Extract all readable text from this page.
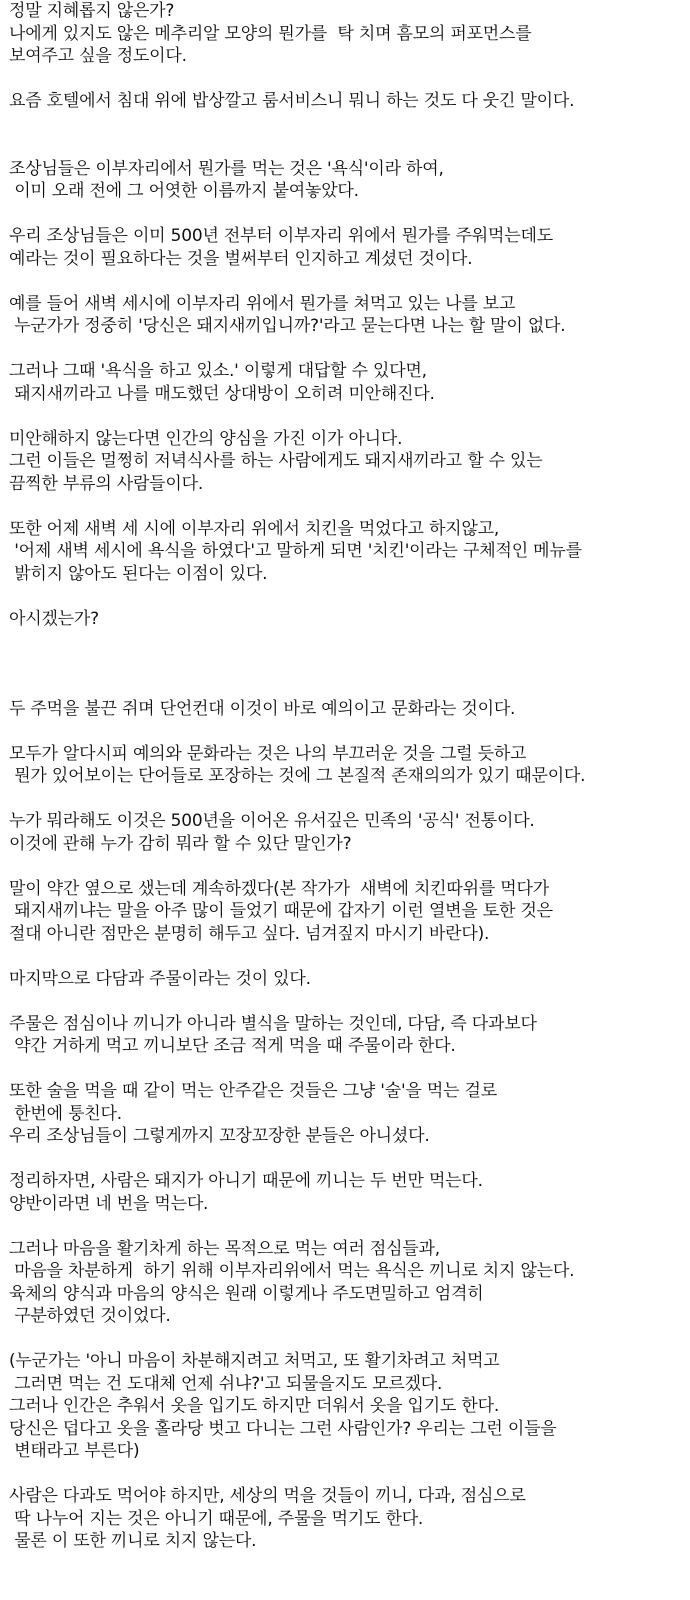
정말 지혜롭지 않은가?
나에게 있지도 않은 메추리알 모양의 뭔가를  탁 치며 흠모의 퍼포먼스를
보여주고 싶을 정도이다.
요즘 호텔에서 침대 위에 밥상깔고 룸서비스니 뭐니 하는 것도 다 웃긴 말이다.
조상님들은 이부자리에서 뭔가를 먹는 것은 '욕식'이라 하여,
이미 오래 전에 그 어엿한 이름까지 붙여놓았다.
우리 조상님들은 이미 500년 전부터 이부자리 위에서 뭔가를 주워먹는데도
예라는 것이 필요하다는 것을 벌써부터 인지하고 계셨던 것이다.
예를 들어 새벽 세시에 이부자리 위에서 뭔가를 쳐먹고 있는 나를 보고
누군가가 정중히 '당신은 돼지새끼입니까?'라고 묻는다면 나는 할 말이 없다.
그러나 그때 '욕식을 하고 있소.' 이렇게 대답할 수 있다면,
돼지새끼라고 나를 매도했던 상대방이 오히려 미안해진다.
미안해하지 않는다면 인간의 양심을 가진 이가 아니다.
그런 이들은 멀쩡히 저녁식사를 하는 사람에게도 돼지새끼라고 할 수 있는
끔찍한 부류의 사람들이다.
또한 어제 새벽 세 시에 이부자리 위에서 치킨을 먹었다고 하지않고,
'어제 새벽 세시에 욕식을 하였다'고 말하게 되면 '치킨'이라는 구체적인 메뉴를
밝히지 않아도 된다는 이점이 있다.
아시겠는가?
두 주먹을 불끈 쥐며 단언컨대 이것이 바로 예의이고 문화라는 것이다.
모두가 알다시피 예의와 문화라는 것은 나의 부끄러운 것을 그럴 듯하고
뭔가 있어보이는 단어들로 포장하는 것에 그 본질적 존재의의가 있기 때문이다.
누가 뭐라해도 이것은 500년을 이어온 유서깊은 민족의 '공식' 전통이다.
이것에 관해 누가 감히 뭐라 할 수 있단 말인가?
말이 약간 옆으로 샜는데 계속하겠다(본 작가가  새벽에 치킨따위를 먹다가
돼지새끼냐는 말을 아주 많이 들었기 때문에 갑자기 이런 열변을 토한 것은
절대 아니란 점만은 분명히 해두고 싶다. 넘겨짚지 마시기 바란다).
마지막으로 다담과 주물이라는 것이 있다.
주물은 점심이나 끼니가 아니라 별식을 말하는 것인데, 다담, 즉 다과보다
약간 거하게 먹고 끼니보단 조금 적게 먹을 때 주물이라 한다.
또한 술을 먹을 때 같이 먹는 안주같은 것들은 그냥 '술'을 먹는 걸로
한번에 퉁친다.
우리 조상님들이 그렇게까지 꼬장꼬장한 분들은 아니셨다.
정리하자면, 사람은 돼지가 아니기 때문에 끼니는 두 번만 먹는다.
양반이라면 네 번을 먹는다.
그러나 마음을 활기차게 하는 목적으로 먹는 여러 점심들과,
마음을 차분하게  하기 위해 이부자리위에서 먹는 욕식은 끼니로 치지 않는다.
육체의 양식과 마음의 양식은 원래 이렇게나 주도면밀하고 엄격히
구분하였던 것이었다.
(누군가는 '아니 마음이 차분해지려고 처먹고, 또 활기차려고 처먹고
그러면 먹는 건 도대체 언제 쉬냐?'고 되물을지도 모르겠다.
그러나 인간은 추워서 옷을 입기도 하지만 더워서 옷을 입기도 한다.
당신은 덥다고 옷을 홀라당 벗고 다니는 그런 사람인가? 우리는 그런 이들을
변태라고 부른다)
사람은 다과도 먹어야 하지만, 세상의 먹을 것들이 끼니, 다과, 점심으로
딱 나누어 지는 것은 아니기 때문에, 주물을 먹기도 한다.
물론 이 또한 끼니로 치지 않는다.
